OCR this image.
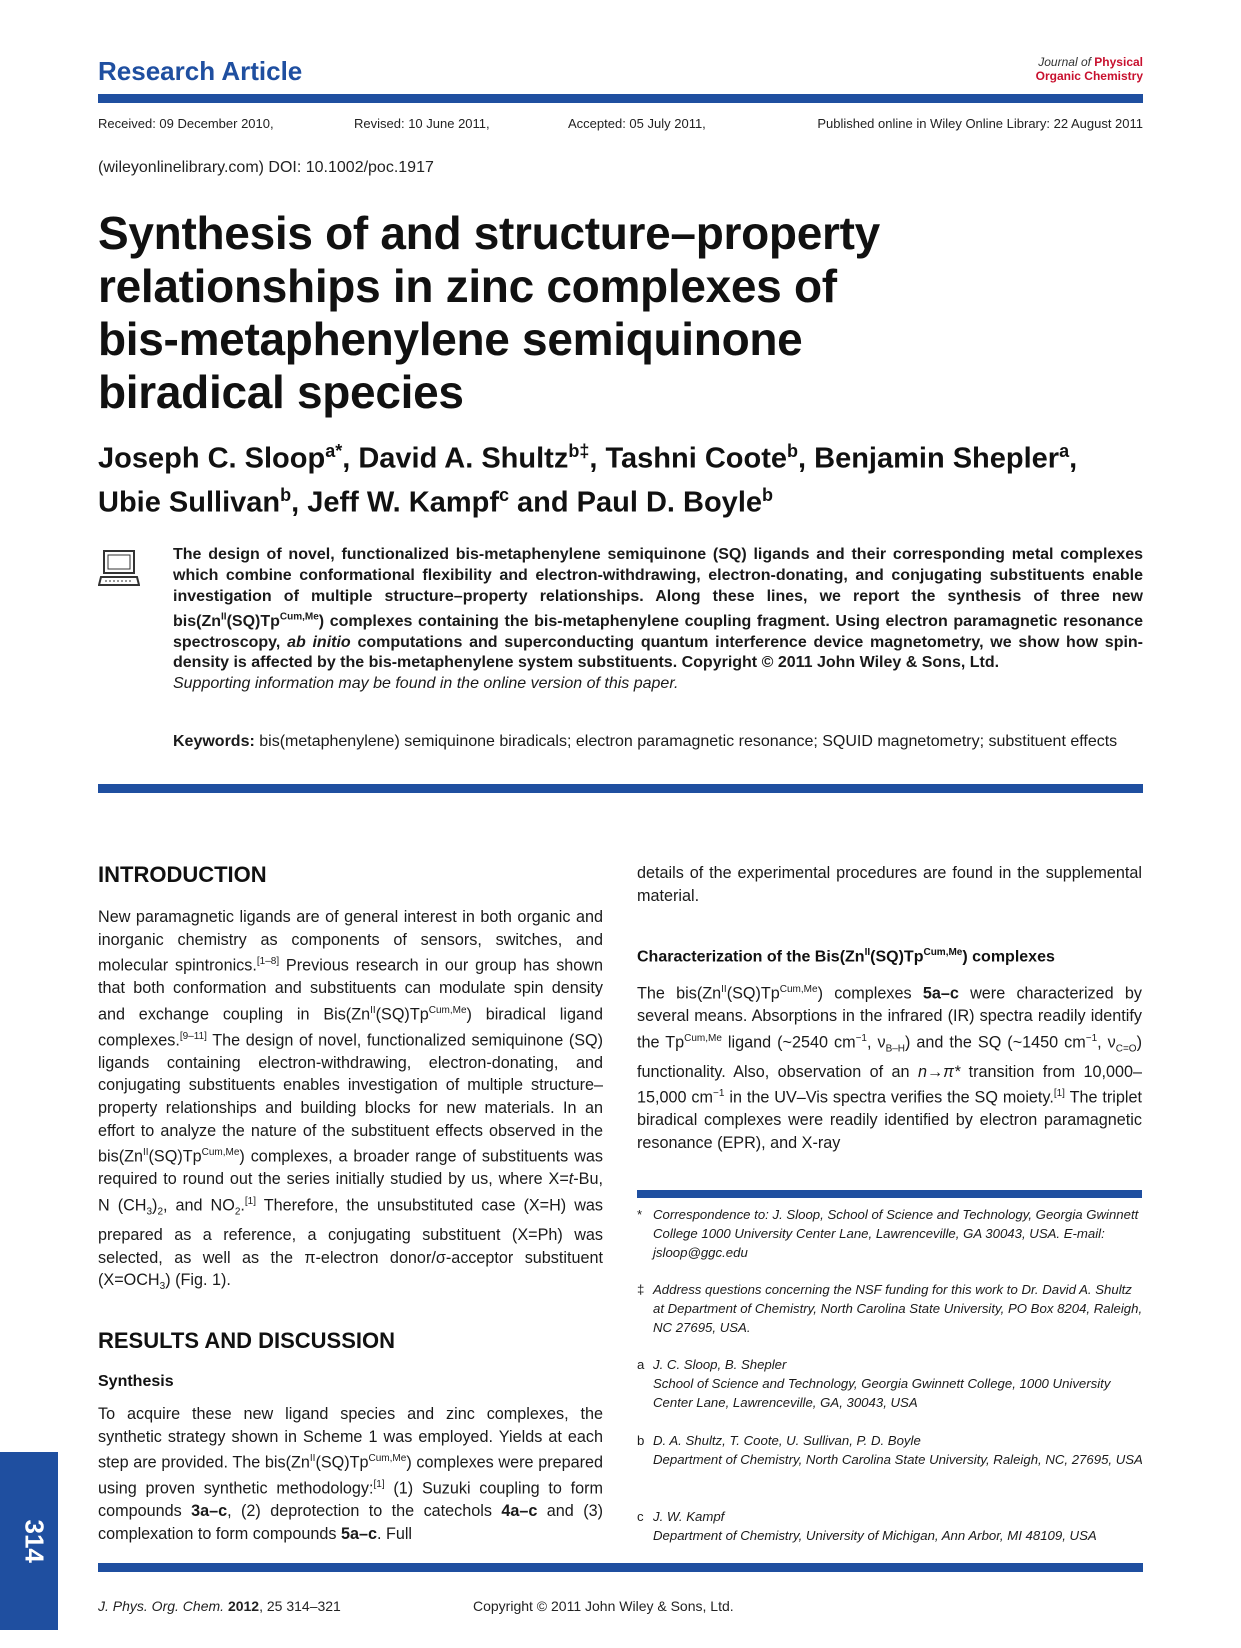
Research Article	Journal of Physical
Organic Chemistry
Received: 09 December 2010,	Revised: 10 June 2011,	Accepted: 05 July 2011,	Published online in Wiley Online Library: 22 August 2011
(wileyonlinelibrary.com) DOI: 10.1002/poc.1917
Synthesis of and structure–property
relationships in zinc complexes of
bis-metaphenylene semiquinone
biradical species
Joseph C. Sloop$^{a*}$, David A. Shultz$^{b\ddagger}$, Tashni Coote$^b$, Benjamin Shepler$^a$,
Ubie Sullivan$^b$, Jeff W. Kampf$^c$ and Paul D. Boyle$^b$
The design of novel, functionalized bis-metaphenylene semiquinone (SQ) ligands and their corresponding metal complexes which combine conformational flexibility and electron-withdrawing, electron-donating, and conjugating substituents enable investigation of multiple structure–property relationships. Along these lines, we report the synthesis of three new $bis(Zn^{II}(SQ)Tp^{Cum,Me})$ complexes containing the bis-metaphenylene coupling fragment. Using electron paramagnetic resonance spectroscopy, ab initio computations and superconducting quantum interference device magnetometry, we show how spin-density is affected by the bis-metaphenylene system substituents. Copyright © 2011 John Wiley & Sons, Ltd.
Supporting information may be found in the online version of this paper.
Keywords: bis(metaphenylene) semiquinone biradicals; electron paramagnetic resonance; SQUID magnetometry; substituent effects
INTRODUCTION
New paramagnetic ligands are of general interest in both organic and inorganic chemistry as components of sensors, switches, and molecular spintronics.[1–8] Previous research in our group has shown that both conformation and substituents can modulate spin density and exchange coupling in $Bis(Zn^{II}(SQ)Tp^{Cum,Me})$ biradical ligand complexes.[9–11] The design of novel, functionalized semiquinone (SQ) ligands containing electron-withdrawing, electron-donating, and conjugating substituents enables investigation of multiple structure–property relationships and building blocks for new materials. In an effort to analyze the nature of the substituent effects observed in the $bis(Zn^{II}(SQ)Tp^{Cum,Me})$ complexes, a broader range of substituents was required to round out the series initially studied by us, where X=t-Bu, N $(CH_3)_2$, and $NO_2.[1]$ Therefore, the unsubstituted case (X=H) was prepared as a reference, a conjugating substituent (X=Ph) was selected, as well as the π-electron donor/σ-acceptor substituent $(X=OCH_3)$ (Fig. 1).
RESULTS AND DISCUSSION
Synthesis
To acquire these new ligand species and zinc complexes, the synthetic strategy shown in Scheme 1 was employed. Yields at each step are provided. The $bis(Zn^{II}(SQ)Tp^{Cum,Me})$ complexes were prepared using proven synthetic methodology:[1] (1) Suzuki coupling to form compounds 3a–c, (2) deprotection to the catechols 4a–c and (3) complexation to form compounds 5a–c. Full
details of the experimental procedures are found in the supplemental material.
Characterization of the $Bis(Zn^{II}(SQ)Tp^{Cum,Me})$ complexes
The $bis(Zn^{II}(SQ)Tp^{Cum,Me})$ complexes 5a–c were characterized by several means. Absorptions in the infrared (IR) spectra readily identify the $Tp^{Cum,Me}$ ligand (~2540 $cm^{-1}$, $\nu_{B-H}$) and the SQ (~1450 $cm^{-1}$, $\nu_{C=O}$) functionality. Also, observation of an n→π* transition from 10,000–15,000 $cm^{-1}$ in the UV–Vis spectra verifies the SQ moiety.[1] The triplet biradical complexes were readily identified by electron paramagnetic resonance (EPR), and X-ray
* Correspondence to: J. Sloop, School of Science and Technology, Georgia Gwinnett College 1000 University Center Lane, Lawrenceville, GA 30043, USA. E-mail: jsloop@ggc.edu
‡ Address questions concerning the NSF funding for this work to Dr. David A. Shultz at Department of Chemistry, North Carolina State University, PO Box 8204, Raleigh, NC 27695, USA.
a J. C. Sloop, B. Shepler
School of Science and Technology, Georgia Gwinnett College, 1000 University Center Lane, Lawrenceville, GA, 30043, USA
b D. A. Shultz, T. Coote, U. Sullivan, P. D. Boyle
Department of Chemistry, North Carolina State University, Raleigh, NC, 27695, USA
c J. W. Kampf
Department of Chemistry, University of Michigan, Ann Arbor, MI 48109, USA
314
J. Phys. Org. Chem. 2012, 25 314–321	Copyright © 2011 John Wiley & Sons, Ltd.
